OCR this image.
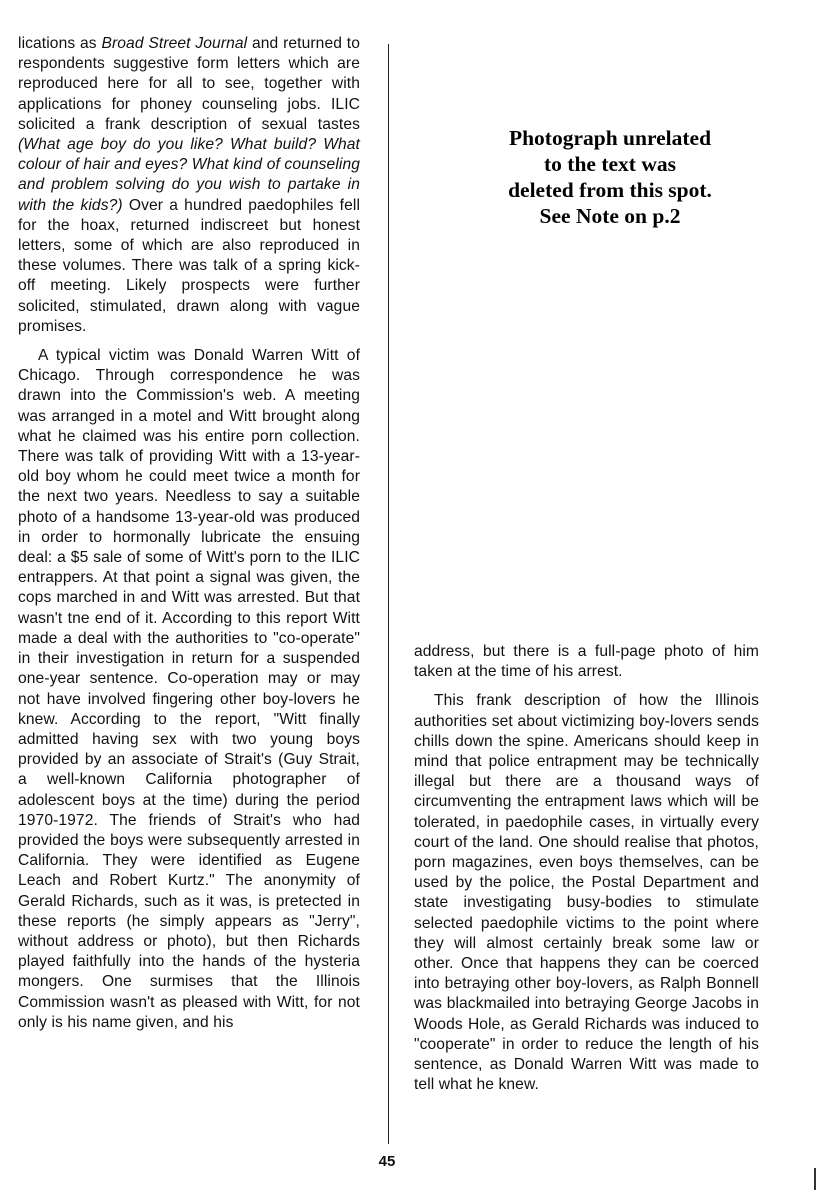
lications as Broad Street Journal and returned to respondents suggestive form letters which are reproduced here for all to see, together with applications for phoney counseling jobs. ILIC solicited a frank description of sexual tastes (What age boy do you like? What build? What colour of hair and eyes? What kind of counseling and problem solving do you wish to partake in with the kids?) Over a hundred paedophiles fell for the hoax, returned indiscreet but honest letters, some of which are also reproduced in these volumes. There was talk of a spring kick-off meeting. Likely prospects were further solicited, stimulated, drawn along with vague promises.

A typical victim was Donald Warren Witt of Chicago. Through correspondence he was drawn into the Commission's web. A meeting was arranged in a motel and Witt brought along what he claimed was his entire porn collection. There was talk of providing Witt with a 13-year-old boy whom he could meet twice a month for the next two years. Needless to say a suitable photo of a handsome 13-year-old was produced in order to hormonally lubricate the ensuing deal: a $5 sale of some of Witt's porn to the ILIC entrappers. At that point a signal was given, the cops marched in and Witt was arrested. But that wasn't tne end of it. According to this report Witt made a deal with the authorities to "co-operate" in their investigation in return for a suspended one-year sentence. Co-operation may or may not have involved fingering other boy-lovers he knew. According to the report, "Witt finally admitted having sex with two young boys provided by an associate of Strait's (Guy Strait, a well-known California photographer of adolescent boys at the time) during the period 1970-1972. The friends of Strait's who had provided the boys were subsequently arrested in California. They were identified as Eugene Leach and Robert Kurtz." The anonymity of Gerald Richards, such as it was, is pretected in these reports (he simply appears as "Jerry", without address or photo), but then Richards played faithfully into the hands of the hysteria mongers. One surmises that the Illinois Commission wasn't as pleased with Witt, for not only is his name given, and his

Photograph unrelated
to the text was
deleted from this spot.
See Note on p.2

address, but there is a full-page photo of him taken at the time of his arrest.

This frank description of how the Illinois authorities set about victimizing boy-lovers sends chills down the spine. Americans should keep in mind that police entrapment may be technically illegal but there are a thousand ways of circumventing the entrapment laws which will be tolerated, in paedophile cases, in virtually every court of the land. One should realise that photos, porn magazines, even boys themselves, can be used by the police, the Postal Department and state investigating busy-bodies to stimulate selected paedophile victims to the point where they will almost certainly break some law or other. Once that happens they can be coerced into betraying other boy-lovers, as Ralph Bonnell was blackmailed into betraying George Jacobs in Woods Hole, as Gerald Richards was induced to "cooperate" in order to reduce the length of his sentence, as Donald Warren Witt was made to tell what he knew.

45
